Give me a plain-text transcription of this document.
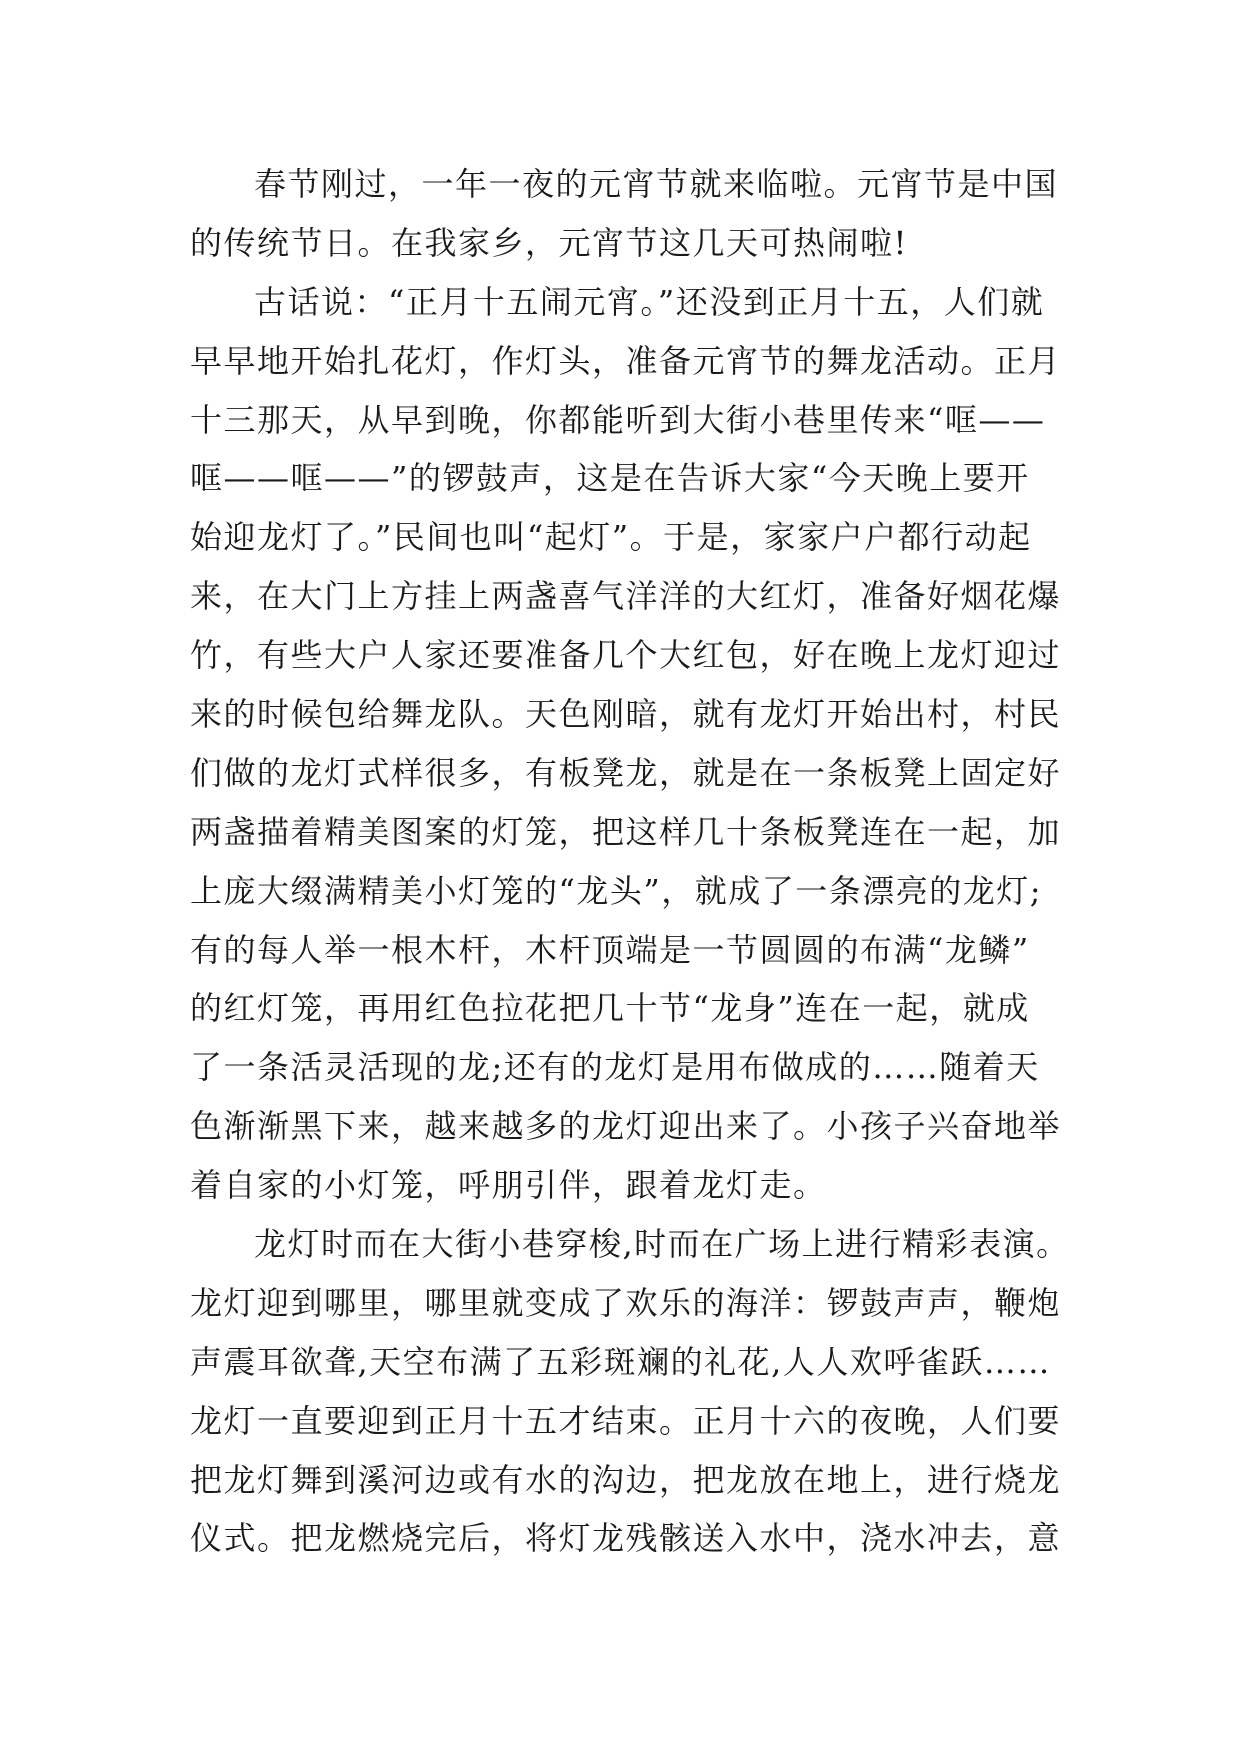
春节刚过，一年一夜的元宵节就来临啦。元宵节是中国
的传统节日。在我家乡，元宵节这几天可热闹啦!
古话说：“正月十五闹元宵。”还没到正月十五，人们就
早早地开始扎花灯，作灯头，准备元宵节的舞龙活动。正月
十三那天，从早到晚，你都能听到大街小巷里传来“哐——
哐——哐——”的锣鼓声，这是在告诉大家“今天晚上要开
始迎龙灯了。”民间也叫“起灯”。于是，家家户户都行动起
来，在大门上方挂上两盏喜气洋洋的大红灯，准备好烟花爆
竹，有些大户人家还要准备几个大红包，好在晚上龙灯迎过
来的时候包给舞龙队。天色刚暗，就有龙灯开始出村，村民
们做的龙灯式样很多，有板凳龙，就是在一条板凳上固定好
两盏描着精美图案的灯笼，把这样几十条板凳连在一起，加
上庞大缀满精美小灯笼的“龙头”，就成了一条漂亮的龙灯;
有的每人举一根木杆，木杆顶端是一节圆圆的布满“龙鳞”
的红灯笼，再用红色拉花把几十节“龙身”连在一起，就成
了一条活灵活现的龙;还有的龙灯是用布做成的……随着天
色渐渐黑下来，越来越多的龙灯迎出来了。小孩子兴奋地举
着自家的小灯笼，呼朋引伴，跟着龙灯走。
龙灯时而在大街小巷穿梭,时而在广场上进行精彩表演。
龙灯迎到哪里，哪里就变成了欢乐的海洋：锣鼓声声，鞭炮
声震耳欲聋,天空布满了五彩斑斓的礼花,人人欢呼雀跃……
龙灯一直要迎到正月十五才结束。正月十六的夜晚，人们要
把龙灯舞到溪河边或有水的沟边，把龙放在地上，进行烧龙
仪式。把龙燃烧完后，将灯龙残骸送入水中，浇水冲去，意
